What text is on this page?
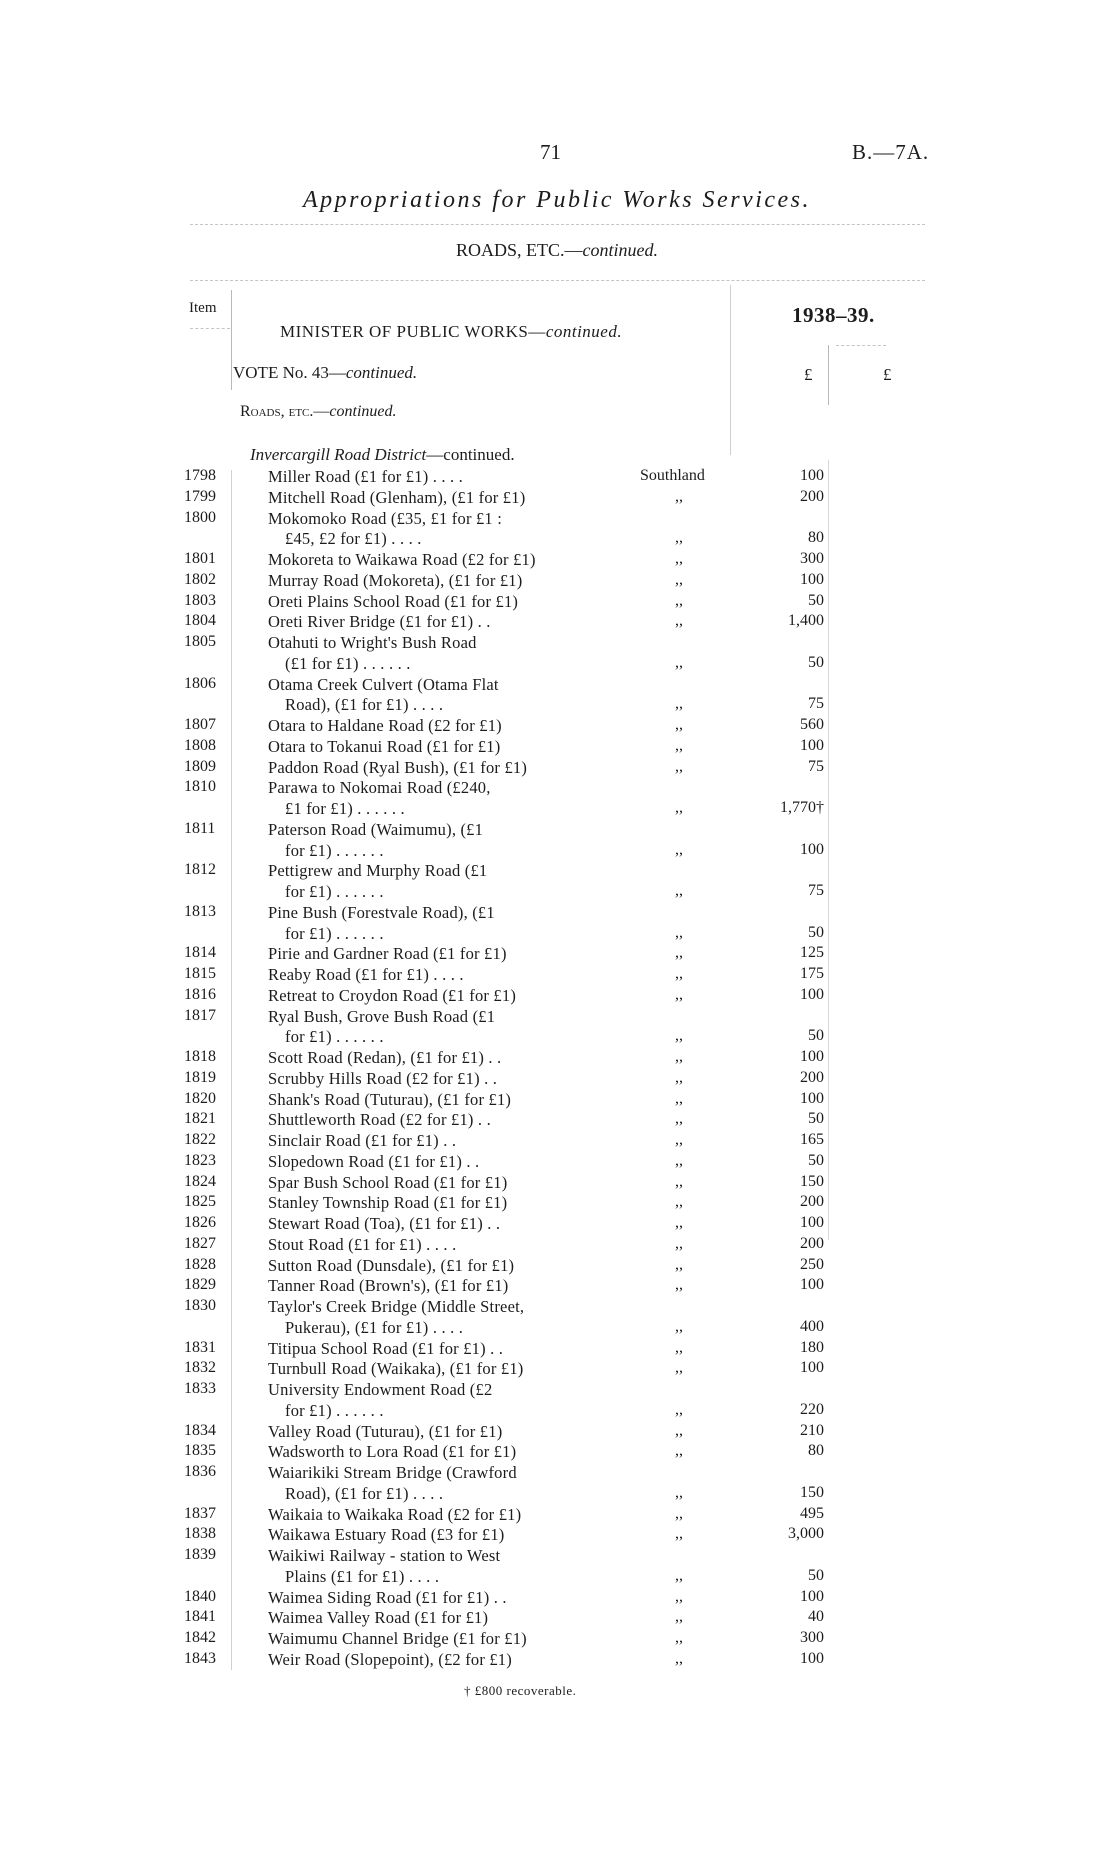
71	B.—7A.
Appropriations for Public Works Services.
ROADS, ETC.—continued.
Item
MINISTER OF PUBLIC WORKS—continued.
1938–39.
VOTE No. 43—continued.	£	£
Roads, etc.—continued.
Invercargill Road District—continued.
1798	Miller Road (£1 for £1) . . . .	Southland	100
1799	Mitchell Road (Glenham), (£1 for £1)	,,	200
1800	Mokomoko Road (£35, £1 for £1 :
£45, £2 for £1) . . . .	,,	80
1801	Mokoreta to Waikawa Road (£2 for £1)	,,	300
1802	Murray Road (Mokoreta), (£1 for £1)	,,	100
1803	Oreti Plains School Road (£1 for £1)	,,	50
1804	Oreti River Bridge (£1 for £1) . .	,,	1,400
1805	Otahuti to Wright's Bush Road
(£1 for £1) . . . . . .	,,	50
1806	Otama Creek Culvert (Otama Flat
Road), (£1 for £1) . . . .	,,	75
1807	Otara to Haldane Road (£2 for £1)	,,	560
1808	Otara to Tokanui Road (£1 for £1)	,,	100
1809	Paddon Road (Ryal Bush), (£1 for £1)	,,	75
1810	Parawa to Nokomai Road (£240,
£1 for £1) . . . . . .	,,	1,770†
1811	Paterson Road (Waimumu), (£1
for £1) . . . . . .	,,	100
1812	Pettigrew and Murphy Road (£1
for £1) . . . . . .	,,	75
1813	Pine Bush (Forestvale Road), (£1
for £1) . . . . . .	,,	50
1814	Pirie and Gardner Road (£1 for £1)	,,	125
1815	Reaby Road (£1 for £1) . . . .	,,	175
1816	Retreat to Croydon Road (£1 for £1)	,,	100
1817	Ryal Bush, Grove Bush Road (£1
for £1) . . . . . .	,,	50
1818	Scott Road (Redan), (£1 for £1) . .	,,	100
1819	Scrubby Hills Road (£2 for £1) . .	,,	200
1820	Shank's Road (Tuturau), (£1 for £1)	,,	100
1821	Shuttleworth Road (£2 for £1) . .	,,	50
1822	Sinclair Road (£1 for £1) . .	,,	165
1823	Slopedown Road (£1 for £1) . .	,,	50
1824	Spar Bush School Road (£1 for £1)	,,	150
1825	Stanley Township Road (£1 for £1)	,,	200
1826	Stewart Road (Toa), (£1 for £1) . .	,,	100
1827	Stout Road (£1 for £1) . . . .	,,	200
1828	Sutton Road (Dunsdale), (£1 for £1)	,,	250
1829	Tanner Road (Brown's), (£1 for £1)	,,	100
1830	Taylor's Creek Bridge (Middle Street,
Pukerau), (£1 for £1) . . . .	,,	400
1831	Titipua School Road (£1 for £1) . .	,,	180
1832	Turnbull Road (Waikaka), (£1 for £1)	,,	100
1833	University Endowment Road (£2
for £1) . . . . . .	,,	220
1834	Valley Road (Tuturau), (£1 for £1)	,,	210
1835	Wadsworth to Lora Road (£1 for £1)	,,	80
1836	Waiarikiki Stream Bridge (Crawford
Road), (£1 for £1) . . . .	,,	150
1837	Waikaia to Waikaka Road (£2 for £1)	,,	495
1838	Waikawa Estuary Road (£3 for £1)	,,	3,000
1839	Waikiwi Railway - station to West
Plains (£1 for £1) . . . .	,,	50
1840	Waimea Siding Road (£1 for £1) . .	,,	100
1841	Waimea Valley Road (£1 for £1)	,,	40
1842	Waimumu Channel Bridge (£1 for £1)	,,	300
1843	Weir Road (Slopepoint), (£2 for £1)	,,	100
† £800 recoverable.
